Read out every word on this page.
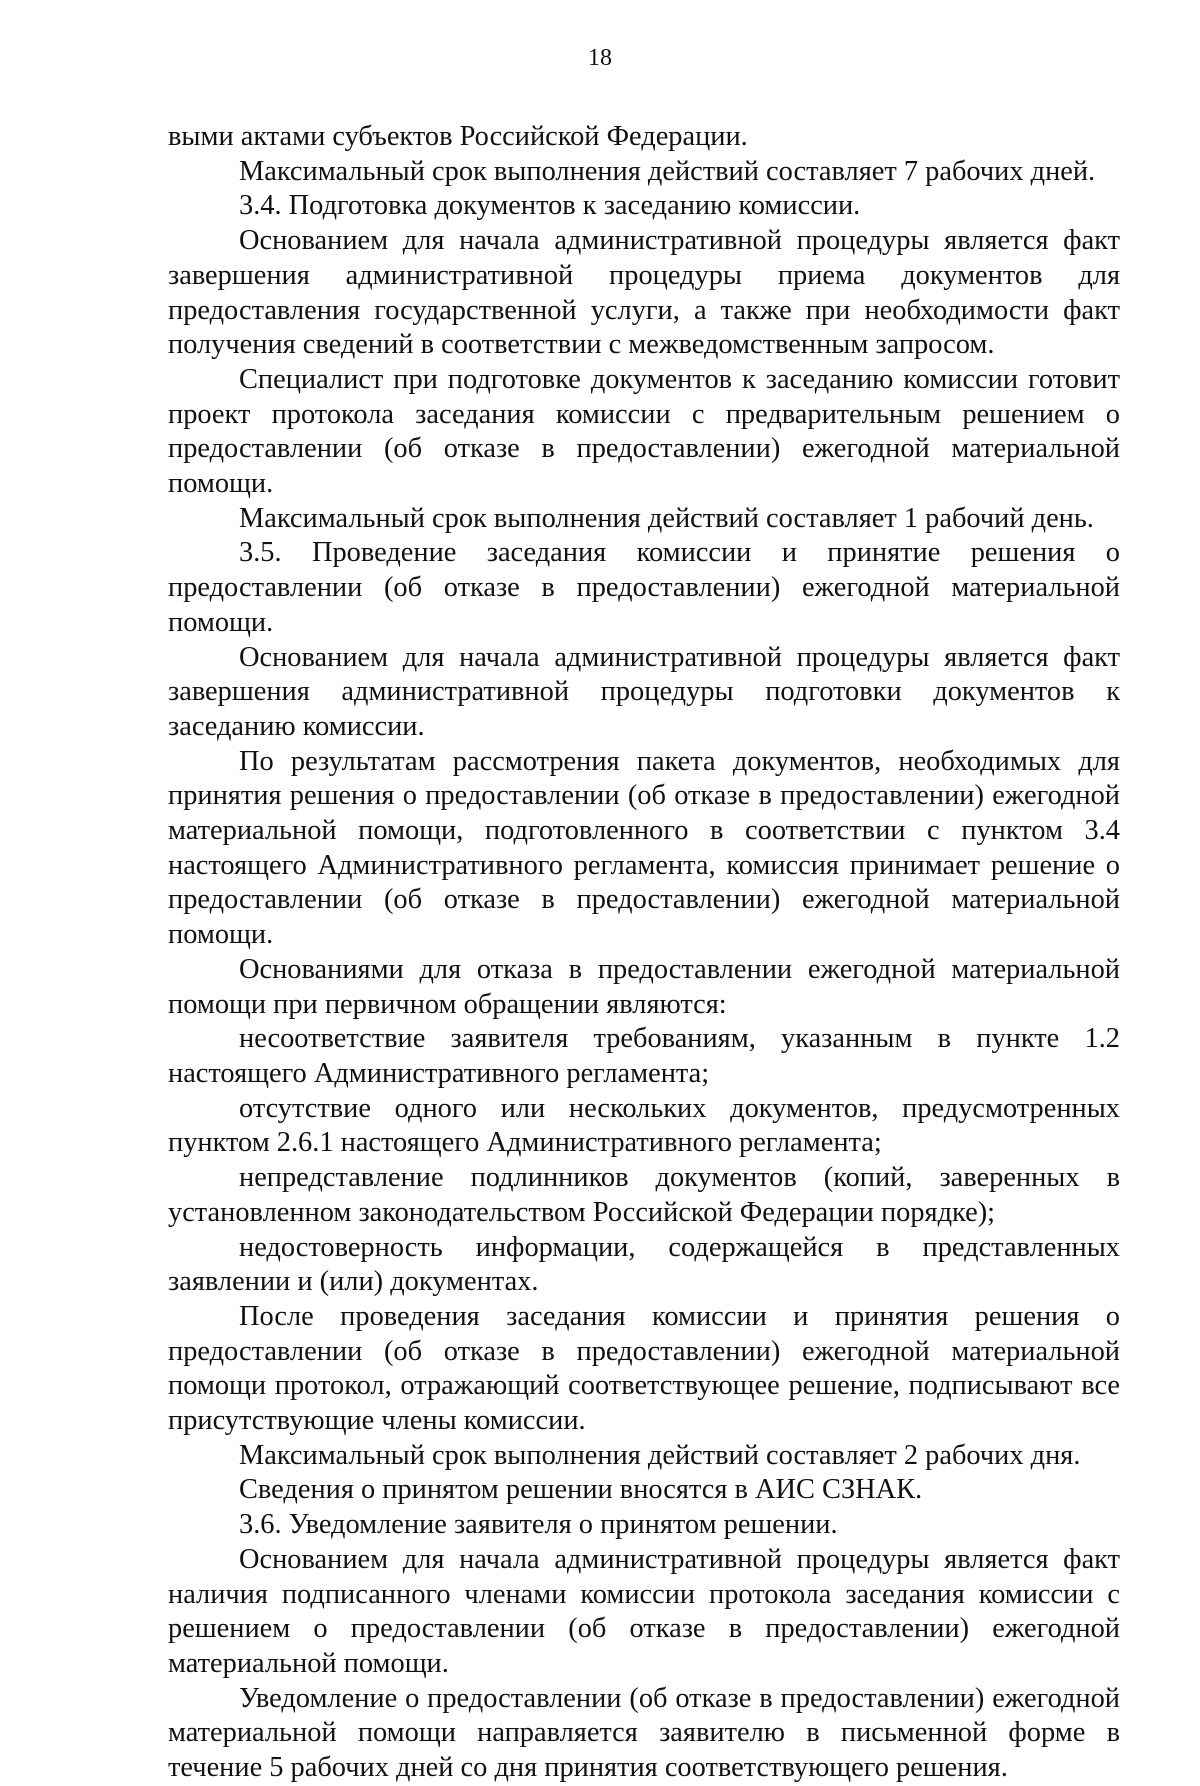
18

выми актами субъектов Российской Федерации.

Максимальный срок выполнения действий составляет 7 рабочих дней.

3.4. Подготовка документов к заседанию комиссии.

Основанием для начала административной процедуры является факт завершения административной процедуры приема документов для предоставления государственной услуги, а также при необходимости факт получения сведений в соответствии с межведомственным запросом.

Специалист при подготовке документов к заседанию комиссии готовит проект протокола заседания комиссии с предварительным решением о предоставлении (об отказе в предоставлении) ежегодной материальной помощи.

Максимальный срок выполнения действий составляет 1 рабочий день.

3.5. Проведение заседания комиссии и принятие решения о предоставлении (об отказе в предоставлении) ежегодной материальной помощи.

Основанием для начала административной процедуры является факт завершения административной процедуры подготовки документов к заседанию комиссии.

По результатам рассмотрения пакета документов, необходимых для принятия решения о предоставлении (об отказе в предоставлении) ежегодной материальной помощи, подготовленного в соответствии с пунктом 3.4 настоящего Административного регламента, комиссия принимает решение о предоставлении (об отказе в предоставлении) ежегодной материальной помощи.

Основаниями для отказа в предоставлении ежегодной материальной помощи при первичном обращении являются:

несоответствие заявителя требованиям, указанным в пункте 1.2 настоящего Административного регламента;

отсутствие одного или нескольких документов, предусмотренных пунктом 2.6.1 настоящего Административного регламента;

непредставление подлинников документов (копий, заверенных в установленном законодательством Российской Федерации порядке);

недостоверность информации, содержащейся в представленных заявлении и (или) документах.

После проведения заседания комиссии и принятия решения о предоставлении (об отказе в предоставлении) ежегодной материальной помощи протокол, отражающий соответствующее решение, подписывают все присутствующие члены комиссии.

Максимальный срок выполнения действий составляет 2 рабочих дня.

Сведения о принятом решении вносятся в АИС СЗНАК.

3.6. Уведомление заявителя о принятом решении.

Основанием для начала административной процедуры является факт наличия подписанного членами комиссии протокола заседания комиссии с решением о предоставлении (об отказе в предоставлении) ежегодной материальной помощи.

Уведомление о предоставлении (об отказе в предоставлении) ежегодной материальной помощи направляется заявителю в письменной форме в течение 5 рабочих дней со дня принятия соответствующего решения.
